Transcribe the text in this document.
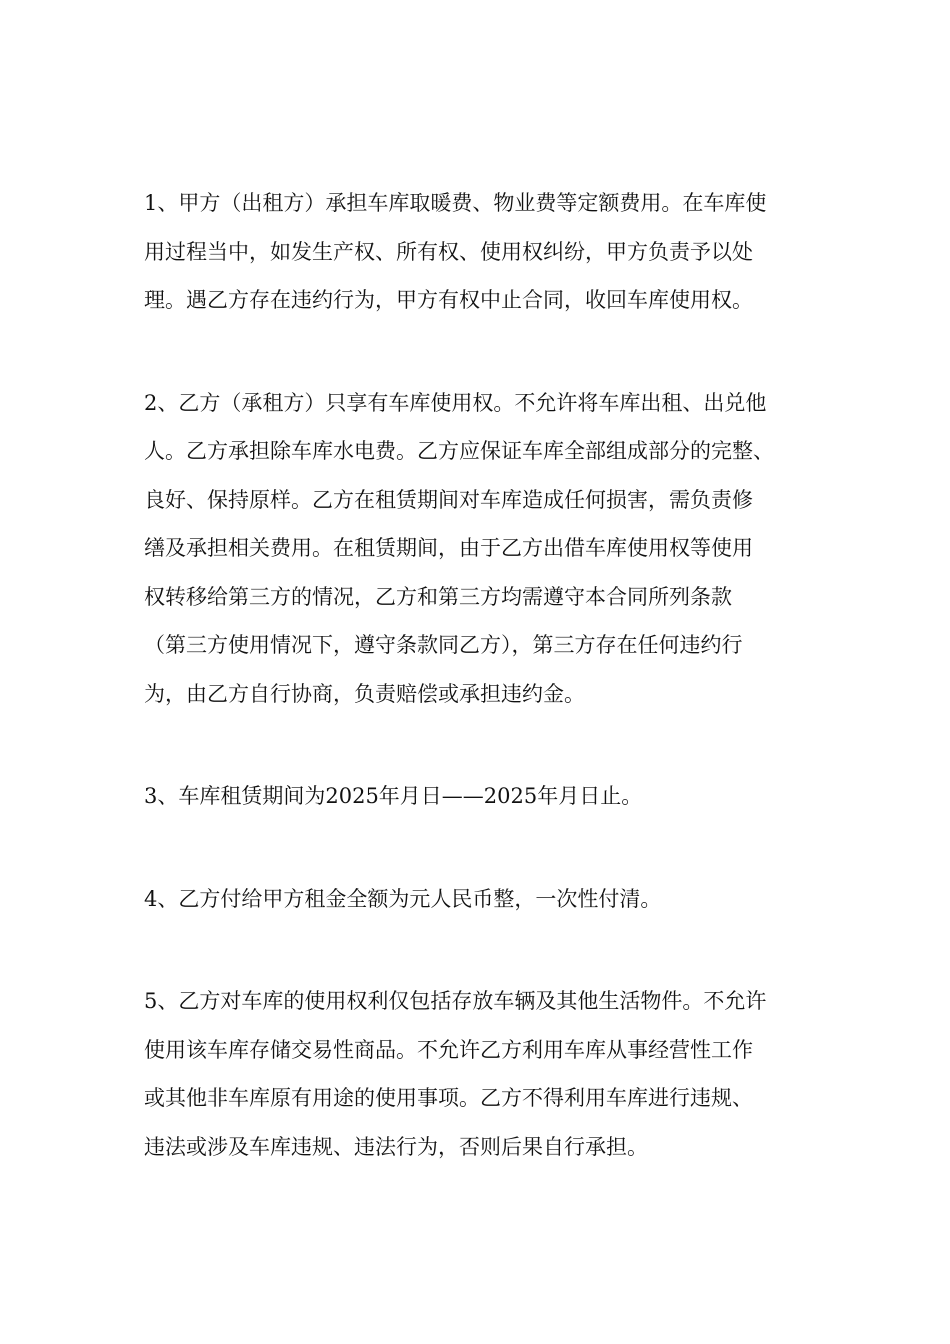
1、甲方（出租方）承担车库取暖费、物业费等定额费用。在车库使
用过程当中，如发生产权、所有权、使用权纠纷，甲方负责予以处
理。遇乙方存在违约行为，甲方有权中止合同，收回车库使用权。
2、乙方（承租方）只享有车库使用权。不允许将车库出租、出兑他
人。乙方承担除车库水电费。乙方应保证车库全部组成部分的完整、
良好、保持原样。乙方在租赁期间对车库造成任何损害，需负责修
缮及承担相关费用。在租赁期间，由于乙方出借车库使用权等使用
权转移给第三方的情况，乙方和第三方均需遵守本合同所列条款
（第三方使用情况下，遵守条款同乙方），第三方存在任何违约行
为，由乙方自行协商，负责赔偿或承担违约金。
3、车库租赁期间为2025年月日——2025年月日止。
4、乙方付给甲方租金全额为元人民币整，一次性付清。
5、乙方对车库的使用权利仅包括存放车辆及其他生活物件。不允许
使用该车库存储交易性商品。不允许乙方利用车库从事经营性工作
或其他非车库原有用途的使用事项。乙方不得利用车库进行违规、
违法或涉及车库违规、违法行为，否则后果自行承担。
